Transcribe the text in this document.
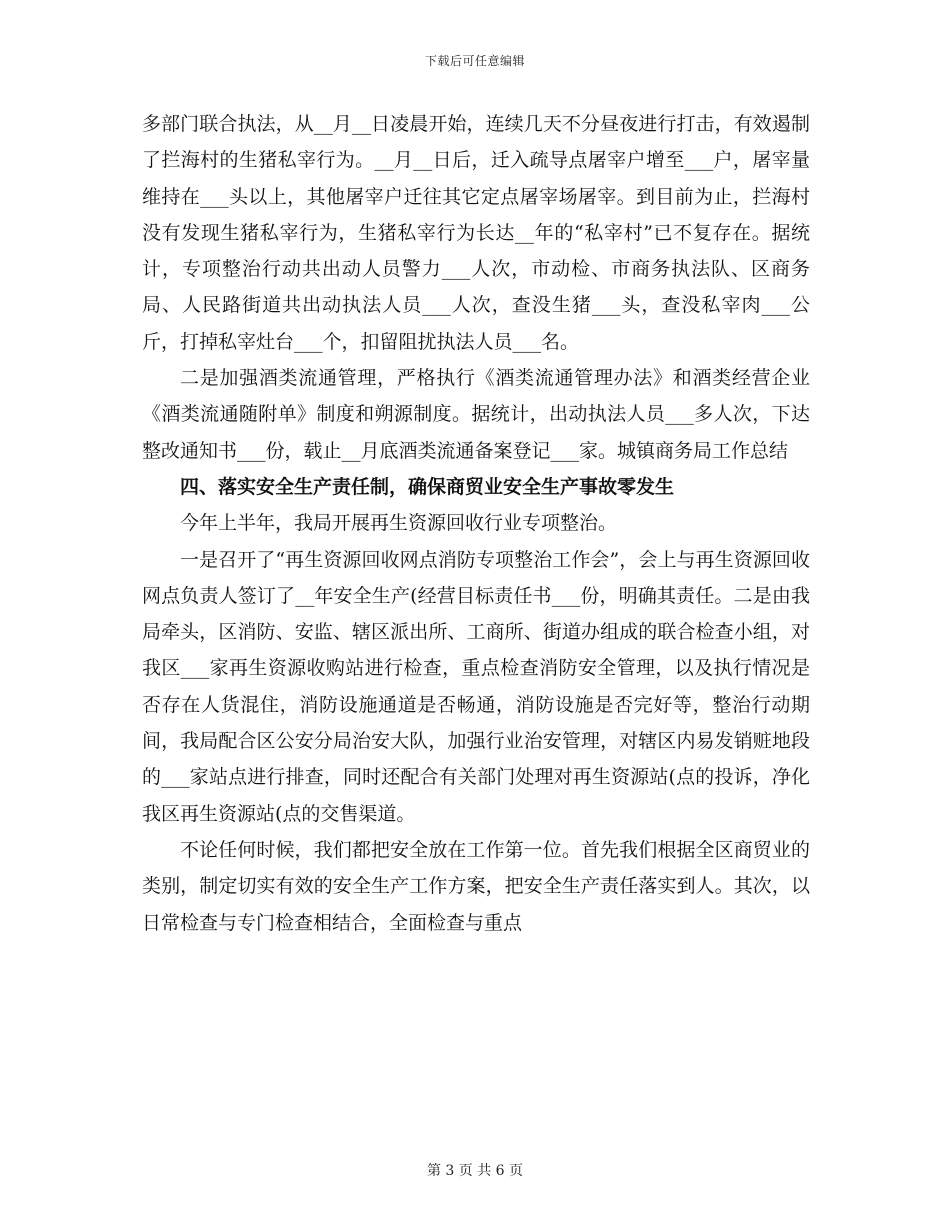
下载后可任意编辑

多部门联合执法，从__月__日凌晨开始，连续几天不分昼夜进行打击，有效遏制了拦海村的生猪私宰行为。__月__日后，迁入疏导点屠宰户增至___户，屠宰量维持在___头以上，其他屠宰户迁往其它定点屠宰场屠宰。到目前为止，拦海村没有发现生猪私宰行为，生猪私宰行为长达__年的“私宰村”已不复存在。据统计，专项整治行动共出动人员警力___人次，市动检、市商务执法队、区商务局、人民路街道共出动执法人员___人次，查没生猪___头，查没私宰肉___公斤，打掉私宰灶台___个，扣留阻扰执法人员___名。

二是加强酒类流通管理，严格执行《酒类流通管理办法》和酒类经营企业《酒类流通随附单》制度和朔源制度。据统计，出动执法人员___多人次，下达整改通知书___份，载止__月底酒类流通备案登记___家。城镇商务局工作总结

四、落实安全生产责任制，确保商贸业安全生产事故零发生

今年上半年，我局开展再生资源回收行业专项整治。

一是召开了“再生资源回收网点消防专项整治工作会”，会上与再生资源回收网点负责人签订了__年安全生产(经营目标责任书___份，明确其责任。二是由我局牵头，区消防、安监、辖区派出所、工商所、街道办组成的联合检查小组，对我区___家再生资源收购站进行检查，重点检查消防安全管理，以及执行情况是否存在人货混住，消防设施通道是否畅通，消防设施是否完好等，整治行动期间，我局配合区公安分局治安大队，加强行业治安管理，对辖区内易发销赃地段的___家站点进行排查，同时还配合有关部门处理对再生资源站(点的投诉，净化我区再生资源站(点的交售渠道。

不论任何时候，我们都把安全放在工作第一位。首先我们根据全区商贸业的类别，制定切实有效的安全生产工作方案，把安全生产责任落实到人。其次，以日常检查与专门检查相结合，全面检查与重点

第 3 页 共 6 页
